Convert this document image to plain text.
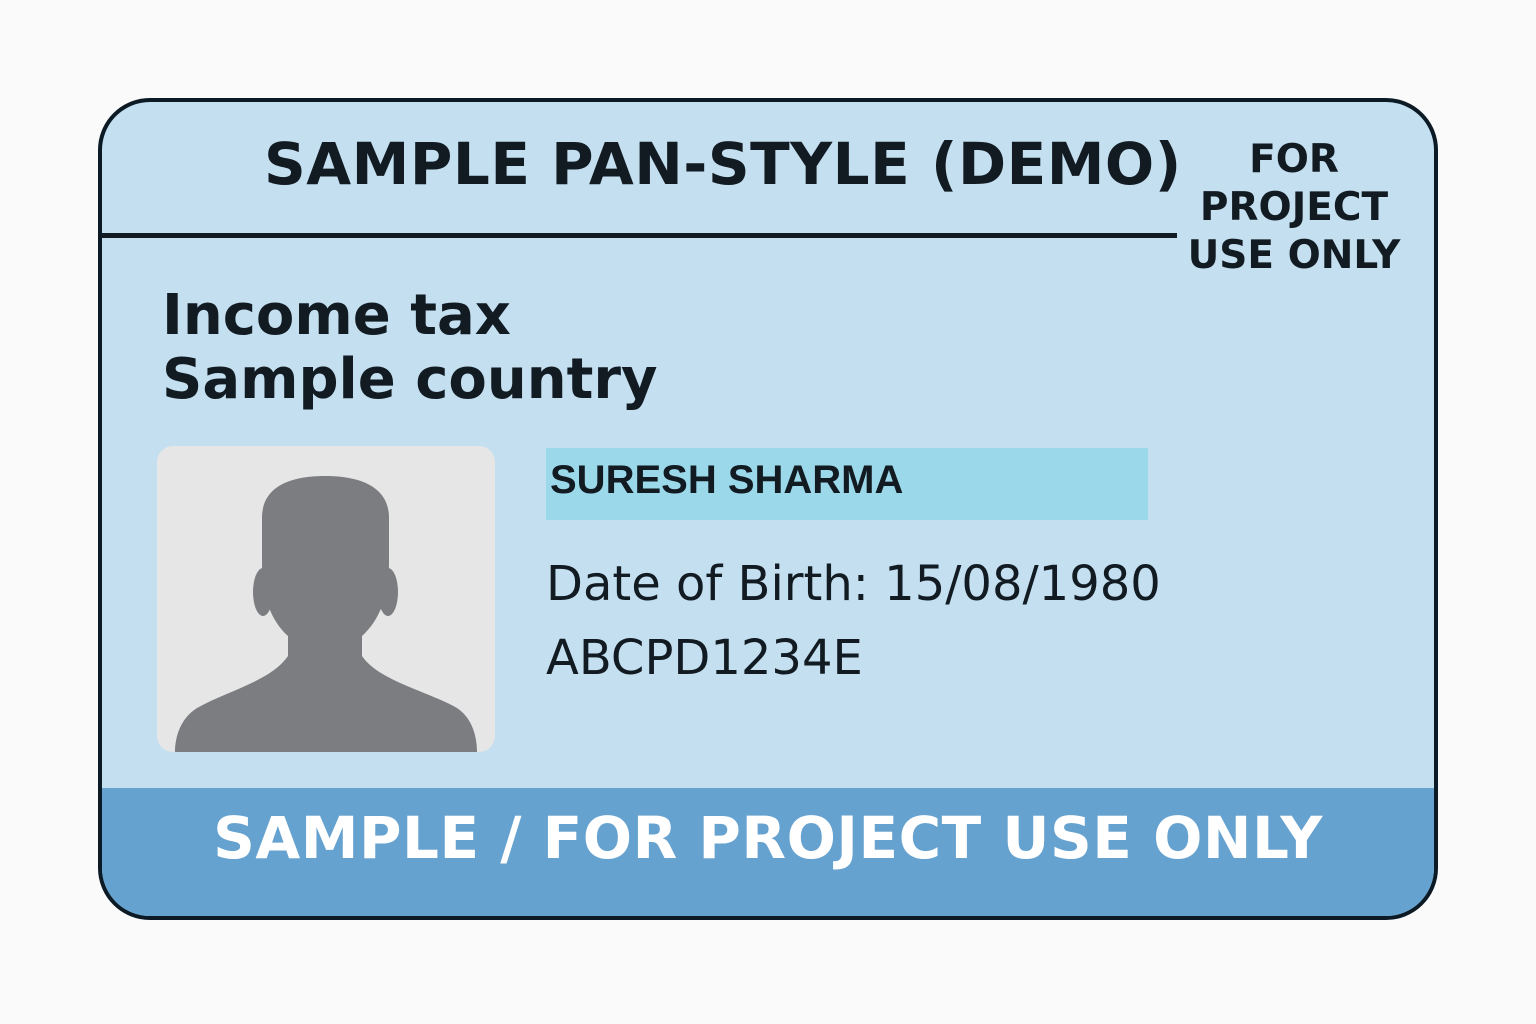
SAMPLE PAN-STYLE (DEMO)	FOR
PROJECT
USE ONLY
Income tax
Sample country
SURESH SHARMA
Date of Birth: 15/08/1980
ABCPD1234E
SAMPLE / FOR PROJECT USE ONLY
